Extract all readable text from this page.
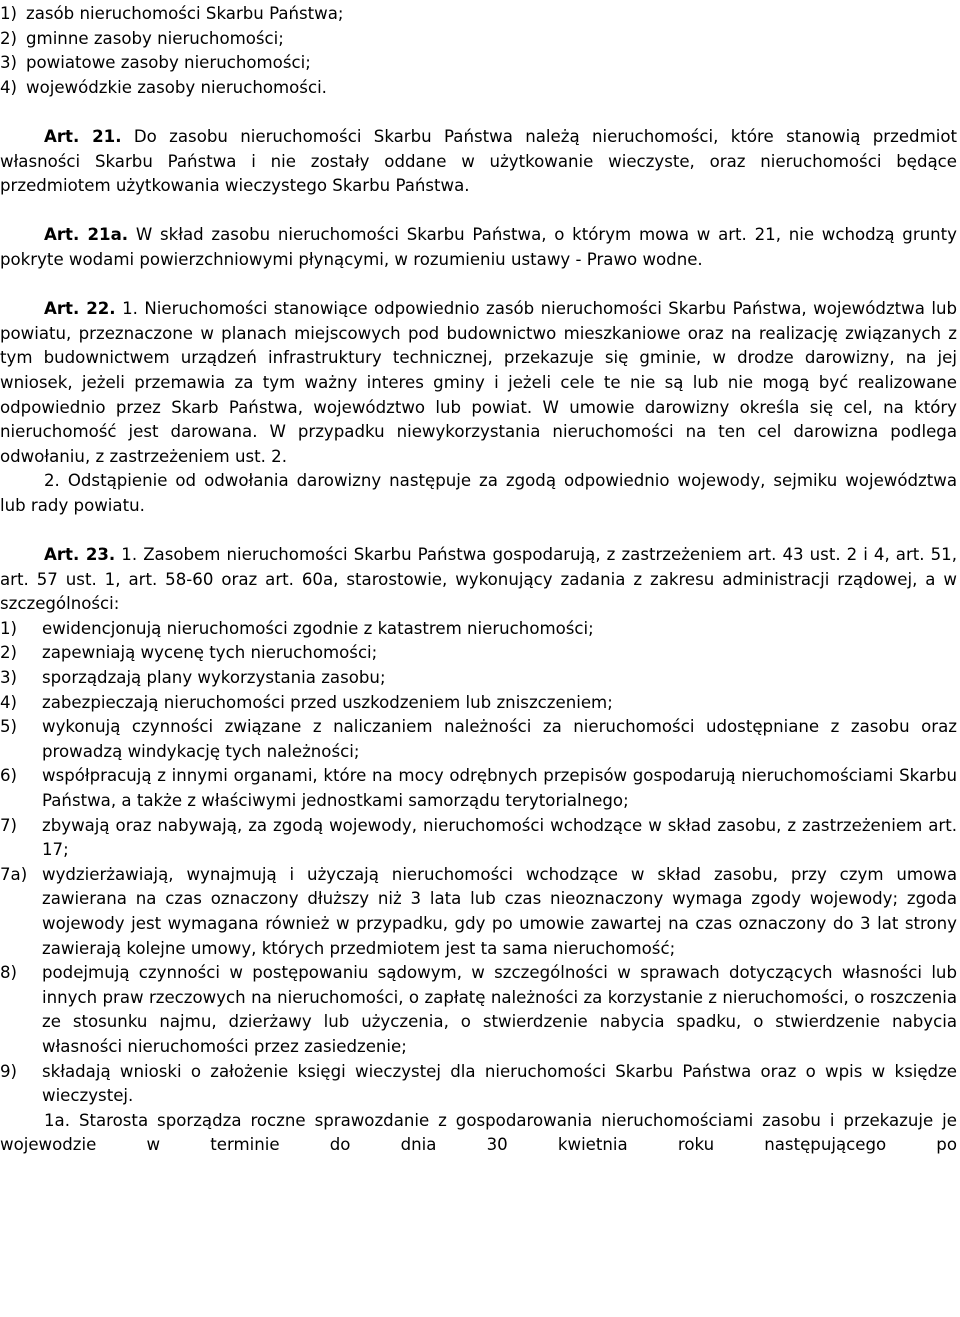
1) zasób nieruchomości Skarbu Państwa;
2) gminne zasoby nieruchomości;
3) powiatowe zasoby nieruchomości;
4) wojewódzkie zasoby nieruchomości.

Art. 21. Do zasobu nieruchomości Skarbu Państwa należą nieruchomości, które stanowią przedmiot własności Skarbu Państwa i nie zostały oddane w użytkowanie wieczyste, oraz nieruchomości będące przedmiotem użytkowania wieczystego Skarbu Państwa.

Art. 21a. W skład zasobu nieruchomości Skarbu Państwa, o którym mowa w art. 21, nie wchodzą grunty pokryte wodami powierzchniowymi płynącymi, w rozumieniu ustawy - Prawo wodne.

Art. 22. 1. Nieruchomości stanowiące odpowiednio zasób nieruchomości Skarbu Państwa, województwa lub powiatu, przeznaczone w planach miejscowych pod budownictwo mieszkaniowe oraz na realizację związanych z tym budownictwem urządzeń infrastruktury technicznej, przekazuje się gminie, w drodze darowizny, na jej wniosek, jeżeli przemawia za tym ważny interes gminy i jeżeli cele te nie są lub nie mogą być realizowane odpowiednio przez Skarb Państwa, województwo lub powiat. W umowie darowizny określa się cel, na który nieruchomość jest darowana. W przypadku niewykorzystania nieruchomości na ten cel darowizna podlega odwołaniu, z zastrzeżeniem ust. 2.

2. Odstąpienie od odwołania darowizny następuje za zgodą odpowiednio wojewody, sejmiku województwa lub rady powiatu.

Art. 23. 1. Zasobem nieruchomości Skarbu Państwa gospodarują, z zastrzeżeniem art. 43 ust. 2 i 4, art. 51, art. 57 ust. 1, art. 58-60 oraz art. 60a, starostowie, wykonujący zadania z zakresu administracji rządowej, a w szczególności:

1)	ewidencjonują nieruchomości zgodnie z katastrem nieruchomości;
2)	zapewniają wycenę tych nieruchomości;
3)	sporządzają plany wykorzystania zasobu;
4)	zabezpieczają nieruchomości przed uszkodzeniem lub zniszczeniem;
5)	wykonują czynności związane z naliczaniem należności za nieruchomości udostępniane z zasobu oraz prowadzą windykację tych należności;
6)	współpracują z innymi organami, które na mocy odrębnych przepisów gospodarują nieruchomościami Skarbu Państwa, a także z właściwymi jednostkami samorządu terytorialnego;
7)	zbywają oraz nabywają, za zgodą wojewody, nieruchomości wchodzące w skład zasobu, z zastrzeżeniem art. 17;
7a) wydzierżawiają, wynajmują i użyczają nieruchomości wchodzące w skład zasobu, przy czym umowa zawierana na czas oznaczony dłuższy niż 3 lata lub czas nieoznaczony wymaga zgody wojewody; zgoda wojewody jest wymagana również w przypadku, gdy po umowie zawartej na czas oznaczony do 3 lat strony zawierają kolejne umowy, których przedmiotem jest ta sama nieruchomość;
8)	podejmują czynności w postępowaniu sądowym, w szczególności w sprawach dotyczących własności lub innych praw rzeczowych na nieruchomości, o zapłatę należności za korzystanie z nieruchomości, o roszczenia ze stosunku najmu, dzierżawy lub użyczenia, o stwierdzenie nabycia spadku, o stwierdzenie nabycia własności nieruchomości przez zasiedzenie;
9)	składają wnioski o założenie księgi wieczystej dla nieruchomości Skarbu Państwa oraz o wpis w księdze wieczystej.

1a. Starosta sporządza roczne sprawozdanie z gospodarowania nieruchomościami zasobu i przekazuje je wojewodzie w terminie do dnia 30 kwietnia roku następującego po
